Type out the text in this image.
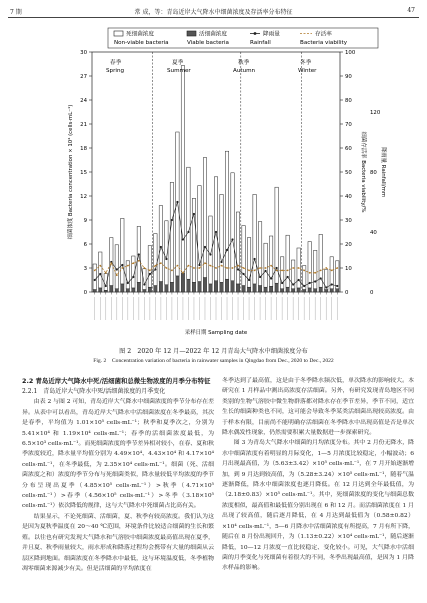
7 期	常 成，等：青岛近岸大气降水中细菌浓度及存活率分布特征	47
死细菌浓度
Non-viable bacteria
活细菌浓度
Viable bacteria
降雨量
Rainfall
存活率
Bacteria viability
0
3
6
9
12
15
18
21
24
27
30
0
10
20
30
40
50
60
70
80
90
100
0
40
80
120
春季
Spring
夏季
Summer
秋季
Autumn
冬季
Winter
细菌浓度 Bacteria concentration × 10⁴ (cells·mL⁻¹)	细菌存活率 Bacteria viability/%	降雨量 Rainfall/mm
采样日期 Sampling date
图 2　2020 年 12 月—2022 年 12 月青岛大气降水中细菌浓度分布
Fig. 2　Concentration variation of bacteria in rainwater samples in Qingdao from Dec., 2020 to Dec., 2022
2.2 青岛近岸大气降水中死/活细菌和总微生物浓度的月季分布特征
2.2.1　青岛近岸大气降水中死/活细菌浓度的月季变化

由表 2 与图 2 可知，青岛近岸大气降水中细菌浓度的季节分布存在差异。从表中可以看出，青岛近岸大气降水中活细菌浓度在冬季最高，其次是春季，平均值为 1.01×10⁵ cells·mL⁻¹；秋季和夏季次之，分别为 5.41×10⁴ 和 1.19×10⁴ cells·mL⁻¹；春季的活细菌浓度最低，为 6.5×10³ cells·mL⁻¹。而死细菌浓度的季节差异相对较小，在春、夏和秋季浓度较近，降水量平均值分别为 4.49×10⁴、4.43×10⁴ 和 4.17×10⁴ cells·mL⁻¹，在冬季最低，为 2.35×10⁴ cells·mL⁻¹。细菌（死、活细菌浓度之和）浓度的季节分布与死细菌类似，降水量较低平均浓度的季节分布呈现出夏季（4.85×10⁵ cells·mL⁻¹）>秋季（4.71×10⁵ cells·mL⁻¹）>春季（4.56×10⁵ cells·mL⁻¹）>冬季（3.18×10⁵ cells·mL⁻¹）依次降低的规律，这与大气降水中死细菌占比高有关。

结果显示，不论死细菌、活细菌，夏、秋季有较高浓度。我们认为这是因为夏秋季温度在 20～40 ℃范围，环境条件比较适合细菌的生长和繁殖。以往也有研究发现大气降水和气溶胶中细菌浓度最高值出现在夏季，并且夏、秋季雨量较大，雨水形成和降落过程均会携带有大量的细菌从云层区降到地面。细菌浓度在冬季降水中最低，这与环境温度低，冬季植物凋零细菌来源减少有关。但是活细菌的平均浓度在

冬季达到了最高值，这是由于冬季降水频次低，单次降水的影响较大。本研究在 1 月样品中测出高浓度存活细菌。另外，有研究发现青岛地区不同类别的生物气溶胶中微生物群落都对降水存在季节差异，季节不同，适宜生长的细菌种类也不同，这可能会导致冬季某类活细菌出现较高浓度。由于样本有限，目前尚不能明确存活细菌在冬季降水中出现高值是否是单次降水偶发性现象，仍然需要积累大量数据进一步探索研究。

图 3 为青岛大气降水中细菌的月均浓度分布。其中 2 月份无降水，降水中细菌浓度有着明显的月际变化，1—5 月浓度比较稳定，小幅波动；6 月出现最高值，为（5.63±3.42）×10⁵ cells·mL⁻¹，在 7 月开始逐渐增加，到 9 月达到较高值，为（5.28±3.24）×10⁵ cells·mL⁻¹，随着气温逐渐降低，降水中细菌浓度也逐月降低。在 12 月达到全年最低值，为（2.18±0.83）×10⁵ cells·mL⁻¹。其中，死细菌浓度的变化与细菌总数浓度相似，最高值和最低值分别出现在 6 和 12 月。而活细菌浓度在 1 月出现了较高值，随后逐月降低，在 4 月达到最低值为（0.58±0.82）×10⁴ cells·mL⁻¹，5—6 月降水中活细菌浓度有所提高，7 月有所下降，随后在 8 月份出现回升，为（1.13±0.22）×10⁴ cells·mL⁻¹，随后逐渐降低，10—12 月浓度一直比较稳定、变化较小。可见，大气降水中活细菌的月季变化与死细菌有着很大的不同，冬季出现最高值，是因为 1 月降水样品的影响。
